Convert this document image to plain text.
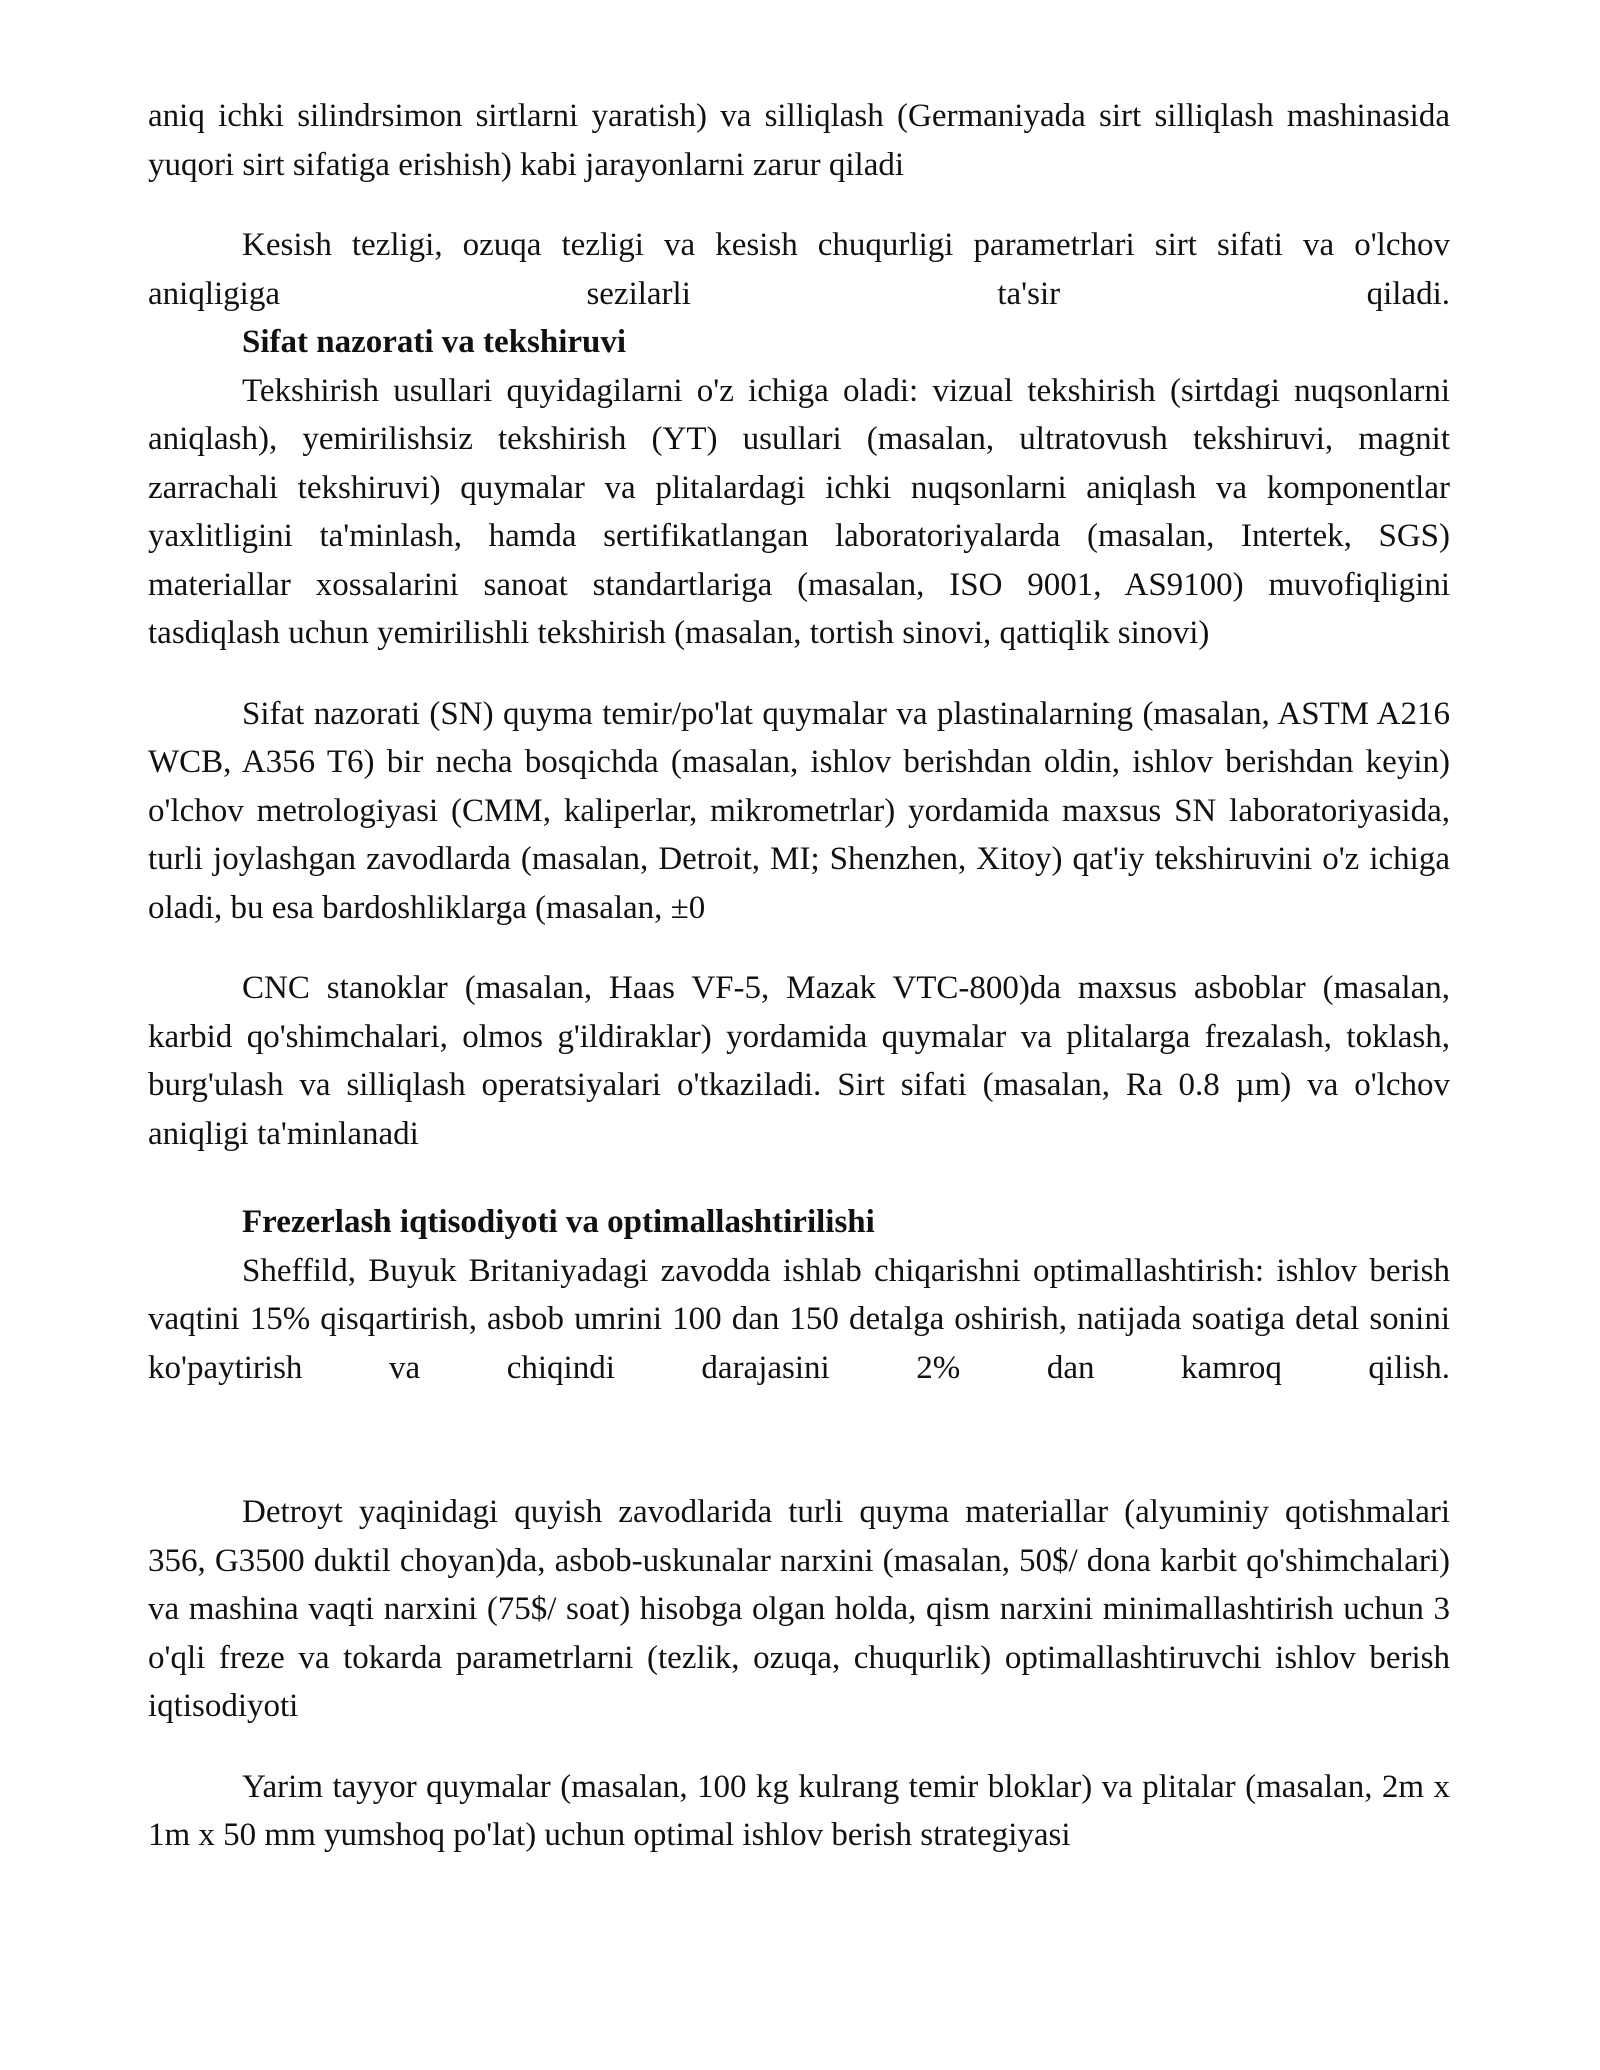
aniq ichki silindrsimon sirtlarni yaratish) va silliqlash (Germaniyada sirt silliqlash mashinasida yuqori sirt sifatiga erishish) kabi jarayonlarni zarur qiladi

Kesish tezligi, ozuqa tezligi va kesish chuqurligi parametrlari sirt sifati va o'lchov aniqligiga sezilarli ta'sir qiladi.

Sifat nazorati va tekshiruvi

Tekshirish usullari quyidagilarni o'z ichiga oladi: vizual tekshirish (sirtdagi nuqsonlarni aniqlash), yemirilishsiz tekshirish (YT) usullari (masalan, ultratovush tekshiruvi, magnit zarrachali tekshiruvi) quymalar va plitalardagi ichki nuqsonlarni aniqlash va komponentlar yaxlitligini ta'minlash, hamda sertifikatlangan laboratoriyalarda (masalan, Intertek, SGS) materiallar xossalarini sanoat standartlariga (masalan, ISO 9001, AS9100) muvofiqligini tasdiqlash uchun yemirilishli tekshirish (masalan, tortish sinovi, qattiqlik sinovi)

Sifat nazorati (SN) quyma temir/po'lat quymalar va plastinalarning (masalan, ASTM A216 WCB, A356 T6) bir necha bosqichda (masalan, ishlov berishdan oldin, ishlov berishdan keyin) o'lchov metrologiyasi (CMM, kaliperlar, mikrometrlar) yordamida maxsus SN laboratoriyasida, turli joylashgan zavodlarda (masalan, Detroit, MI; Shenzhen, Xitoy) qat'iy tekshiruvini o'z ichiga oladi, bu esa bardoshliklarga (masalan, ±0

CNC stanoklar (masalan, Haas VF-5, Mazak VTC-800)da maxsus asboblar (masalan, karbid qo'shimchalari, olmos g'ildiraklar) yordamida quymalar va plitalarga frezalash, toklash, burg'ulash va silliqlash operatsiyalari o'tkaziladi. Sirt sifati (masalan, Ra 0.8 µm) va o'lchov aniqligi ta'minlanadi

Frezerlash iqtisodiyoti va optimallashtirilishi

Sheffild, Buyuk Britaniyadagi zavodda ishlab chiqarishni optimallashtirish: ishlov berish vaqtini 15% qisqartirish, asbob umrini 100 dan 150 detalga oshirish, natijada soatiga detal sonini ko'paytirish va chiqindi darajasini 2% dan kamroq qilish.

Detroyt yaqinidagi quyish zavodlarida turli quyma materiallar (alyuminiy qotishmalari 356, G3500 duktil choyan)da, asbob-uskunalar narxini (masalan, 50$/ dona karbit qo'shimchalari) va mashina vaqti narxini (75$/ soat) hisobga olgan holda, qism narxini minimallashtirish uchun 3 o'qli freze va tokarda parametrlarni (tezlik, ozuqa, chuqurlik) optimallashtiruvchi ishlov berish iqtisodiyoti

Yarim tayyor quymalar (masalan, 100 kg kulrang temir bloklar) va plitalar (masalan, 2m x 1m x 50 mm yumshoq po'lat) uchun optimal ishlov berish strategiyasi
